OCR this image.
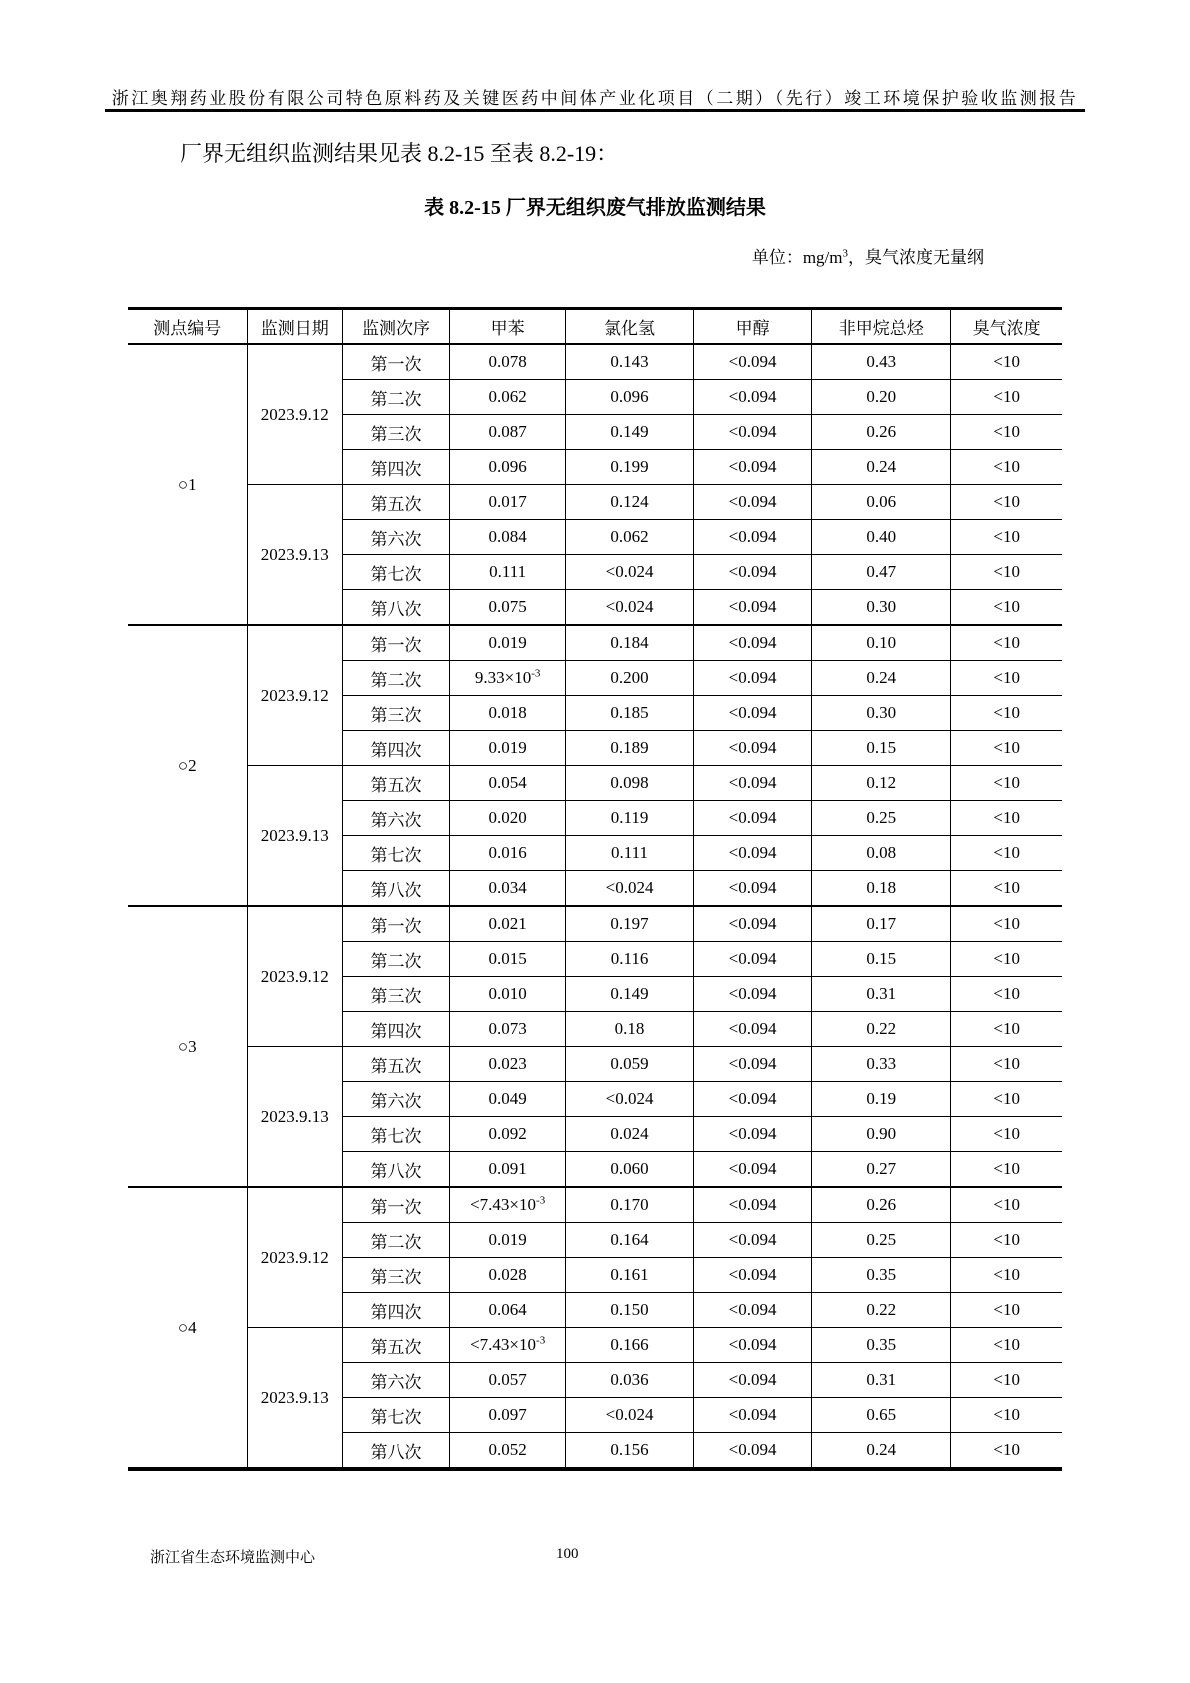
浙江奥翔药业股份有限公司特色原料药及关键医药中间体产业化项目（二期）（先行）竣工环境保护验收监测报告

厂界无组织监测结果见表 8.2-15 至表 8.2-19：

表 8.2-15 厂界无组织废气排放监测结果
单位：$mg/m^3$，臭气浓度无量纲
测点编号	监测日期	监测次序	甲苯	氯化氢	甲醇	非甲烷总烃	臭气浓度
○1	2023.9.12	第一次	0.078	0.143	<0.094	0.43	<10
		第二次	0.062	0.096	<0.094	0.20	<10
		第三次	0.087	0.149	<0.094	0.26	<10
		第四次	0.096	0.199	<0.094	0.24	<10
	2023.9.13	第五次	0.017	0.124	<0.094	0.06	<10
		第六次	0.084	0.062	<0.094	0.40	<10
		第七次	0.111	<0.024	<0.094	0.47	<10
		第八次	0.075	<0.024	<0.094	0.30	<10
○2	2023.9.12	第一次	0.019	0.184	<0.094	0.10	<10
		第二次	$9.33\times 10^{-3}$	0.200	<0.094	0.24	<10
		第三次	0.018	0.185	<0.094	0.30	<10
		第四次	0.019	0.189	<0.094	0.15	<10
	2023.9.13	第五次	0.054	0.098	<0.094	0.12	<10
		第六次	0.020	0.119	<0.094	0.25	<10
		第七次	0.016	0.111	<0.094	0.08	<10
		第八次	0.034	<0.024	<0.094	0.18	<10
○3	2023.9.12	第一次	0.021	0.197	<0.094	0.17	<10
		第二次	0.015	0.116	<0.094	0.15	<10
		第三次	0.010	0.149	<0.094	0.31	<10
		第四次	0.073	0.18	<0.094	0.22	<10
	2023.9.13	第五次	0.023	0.059	<0.094	0.33	<10
		第六次	0.049	<0.024	<0.094	0.19	<10
		第七次	0.092	0.024	<0.094	0.90	<10
		第八次	0.091	0.060	<0.094	0.27	<10
○4	2023.9.12	第一次	$<7.43\times 10^{-3}$	0.170	<0.094	0.26	<10
		第二次	0.019	0.164	<0.094	0.25	<10
		第三次	0.028	0.161	<0.094	0.35	<10
		第四次	0.064	0.150	<0.094	0.22	<10
	2023.9.13	第五次	$<7.43\times 10^{-3}$	0.166	<0.094	0.35	<10
		第六次	0.057	0.036	<0.094	0.31	<10
		第七次	0.097	<0.024	<0.094	0.65	<10
		第八次	0.052	0.156	<0.094	0.24	<10
浙江省生态环境监测中心	100
